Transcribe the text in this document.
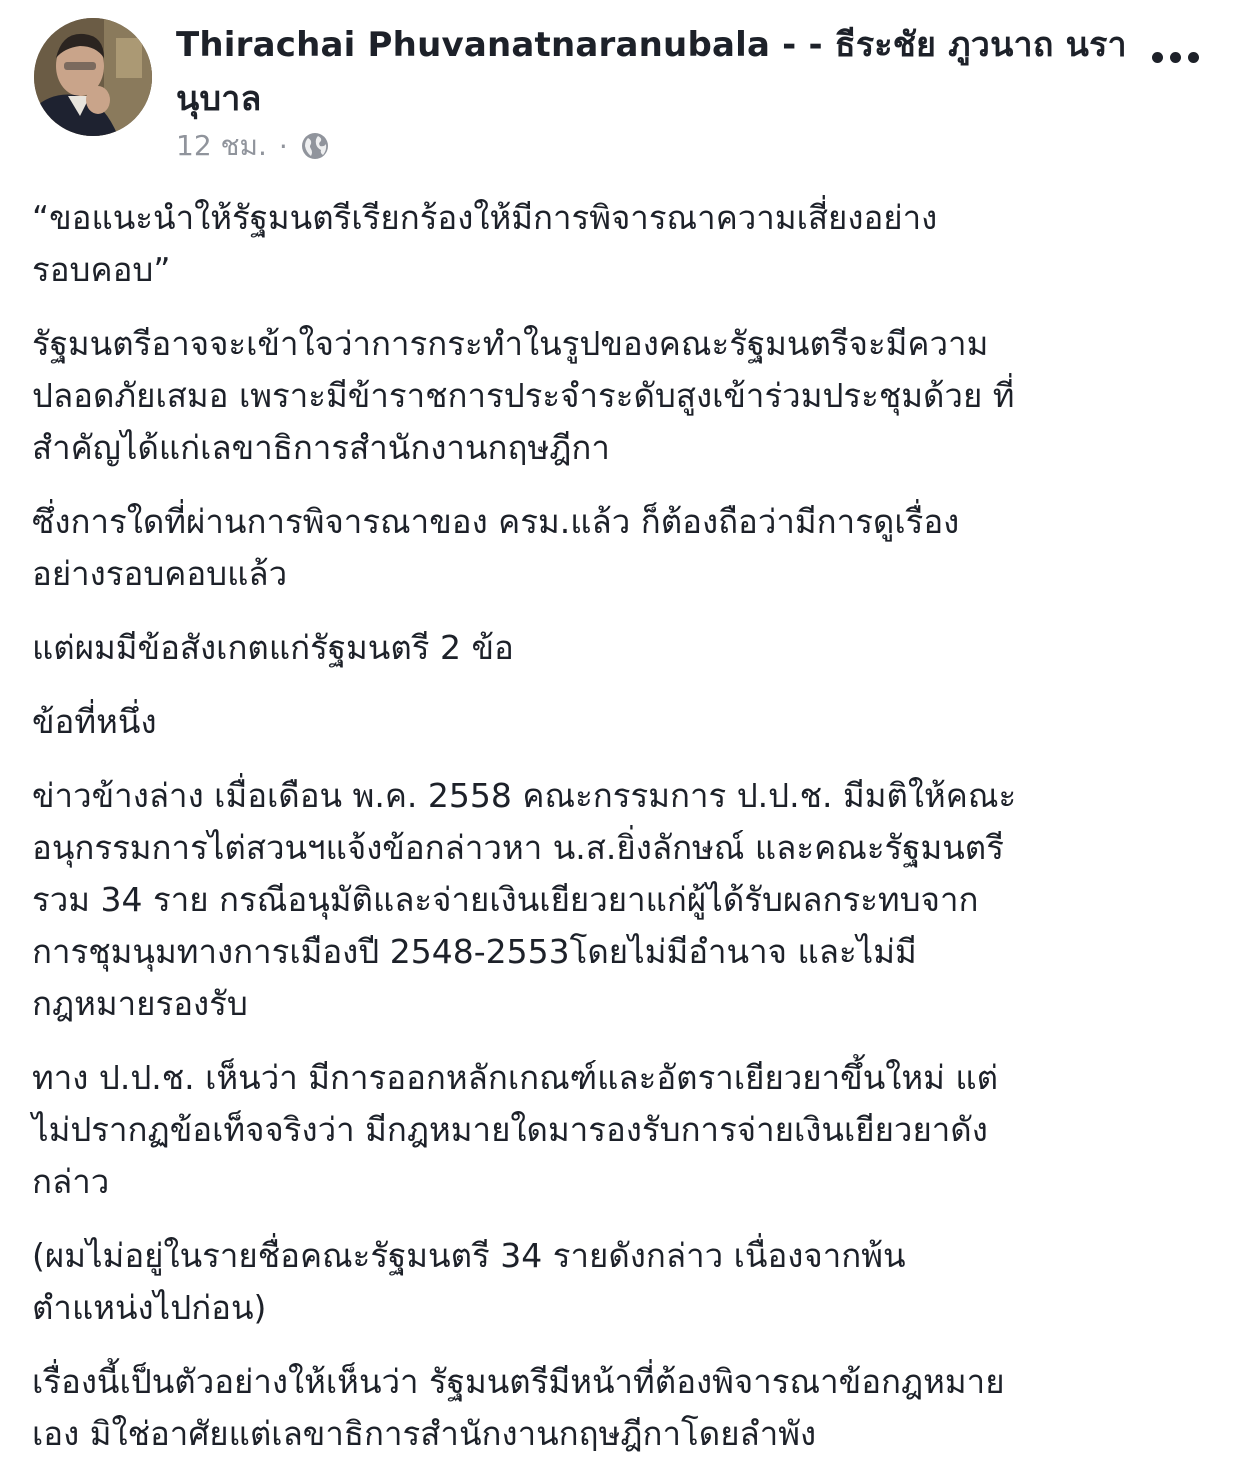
Thirachai Phuvanatnaranubala - - ธีระชัย ภูวนาถ นรานุบาล
12 ชม. ·

“ขอแนะนำให้รัฐมนตรีเรียกร้องให้มีการพิจารณาความเสี่ยงอย่าง
รอบคอบ”

รัฐมนตรีอาจจะเข้าใจว่าการกระทำในรูปของคณะรัฐมนตรีจะมีความ
ปลอดภัยเสมอ เพราะมีข้าราชการประจำระดับสูงเข้าร่วมประชุมด้วย ที่
สำคัญได้แก่เลขาธิการสำนักงานกฤษฎีกา

ซึ่งการใดที่ผ่านการพิจารณาของ ครม.แล้ว ก็ต้องถือว่ามีการดูเรื่อง
อย่างรอบคอบแล้ว

แต่ผมมีข้อสังเกตแก่รัฐมนตรี 2 ข้อ

ข้อที่หนึ่ง

ข่าวข้างล่าง เมื่อเดือน พ.ค. 2558 คณะกรรมการ ป.ป.ช. มีมติให้คณะ
อนุกรรมการไต่สวนฯแจ้งข้อกล่าวหา น.ส.ยิ่งลักษณ์ และคณะรัฐมนตรี
รวม 34 ราย กรณีอนุมัติและจ่ายเงินเยียวยาแก่ผู้ได้รับผลกระทบจาก
การชุมนุมทางการเมืองปี 2548-2553โดยไม่มีอำนาจ และไม่มี
กฎหมายรองรับ

ทาง ป.ป.ช. เห็นว่า มีการออกหลักเกณฑ์และอัตราเยียวยาขึ้นใหม่ แต่
ไม่ปรากฏข้อเท็จจริงว่า มีกฎหมายใดมารองรับการจ่ายเงินเยียวยาดัง
กล่าว

(ผมไม่อยู่ในรายชื่อคณะรัฐมนตรี 34 รายดังกล่าว เนื่องจากพ้น
ตำแหน่งไปก่อน)

เรื่องนี้เป็นตัวอย่างให้เห็นว่า รัฐมนตรีมีหน้าที่ต้องพิจารณาข้อกฎหมาย
เอง มิใช่อาศัยแต่เลขาธิการสำนักงานกฤษฎีกาโดยลำพัง
